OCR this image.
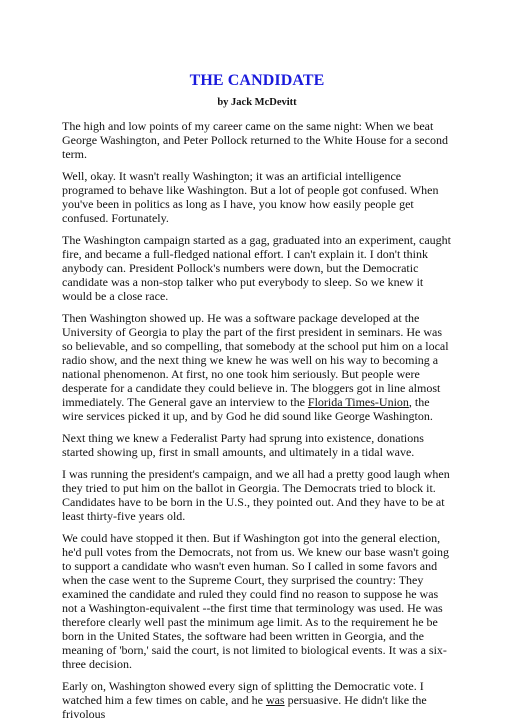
THE CANDIDATE
by Jack McDevitt

The high and low points of my career came on the same night: When we beat George Washington, and Peter Pollock returned to the White House for a second term.

Well, okay. It wasn't really Washington; it was an artificial intelligence programed to behave like Washington. But a lot of people got confused. When you've been in politics as long as I have, you know how easily people get confused. Fortunately.

The Washington campaign started as a gag, graduated into an experiment, caught fire, and became a full-fledged national effort. I can't explain it. I don't think anybody can. President Pollock's numbers were down, but the Democratic candidate was a non-stop talker who put everybody to sleep. So we knew it would be a close race.

Then Washington showed up. He was a software package developed at the University of Georgia to play the part of the first president in seminars. He was so believable, and so compelling, that somebody at the school put him on a local radio show, and the next thing we knew he was well on his way to becoming a national phenomenon. At first, no one took him seriously. But people were desperate for a candidate they could believe in. The bloggers got in line almost immediately. The General gave an interview to the Florida Times-Union, the wire services picked it up, and by God he did sound like George Washington.

Next thing we knew a Federalist Party had sprung into existence, donations started showing up, first in small amounts, and ultimately in a tidal wave.

I was running the president's campaign, and we all had a pretty good laugh when they tried to put him on the ballot in Georgia. The Democrats tried to block it. Candidates have to be born in the U.S., they pointed out. And they have to be at least thirty-five years old.

We could have stopped it then. But if Washington got into the general election, he'd pull votes from the Democrats, not from us. We knew our base wasn't going to support a candidate who wasn't even human. So I called in some favors and when the case went to the Supreme Court, they surprised the country: They examined the candidate and ruled they could find no reason to suppose he was not a Washington-equivalent --the first time that terminology was used. He was therefore clearly well past the minimum age limit. As to the requirement he be born in the United States, the software had been written in Georgia, and the meaning of 'born,' said the court, is not limited to biological events. It was a six-three decision.

Early on, Washington showed every sign of splitting the Democratic vote. I watched him a few times on cable, and he was persuasive. He didn't like the frivolous
